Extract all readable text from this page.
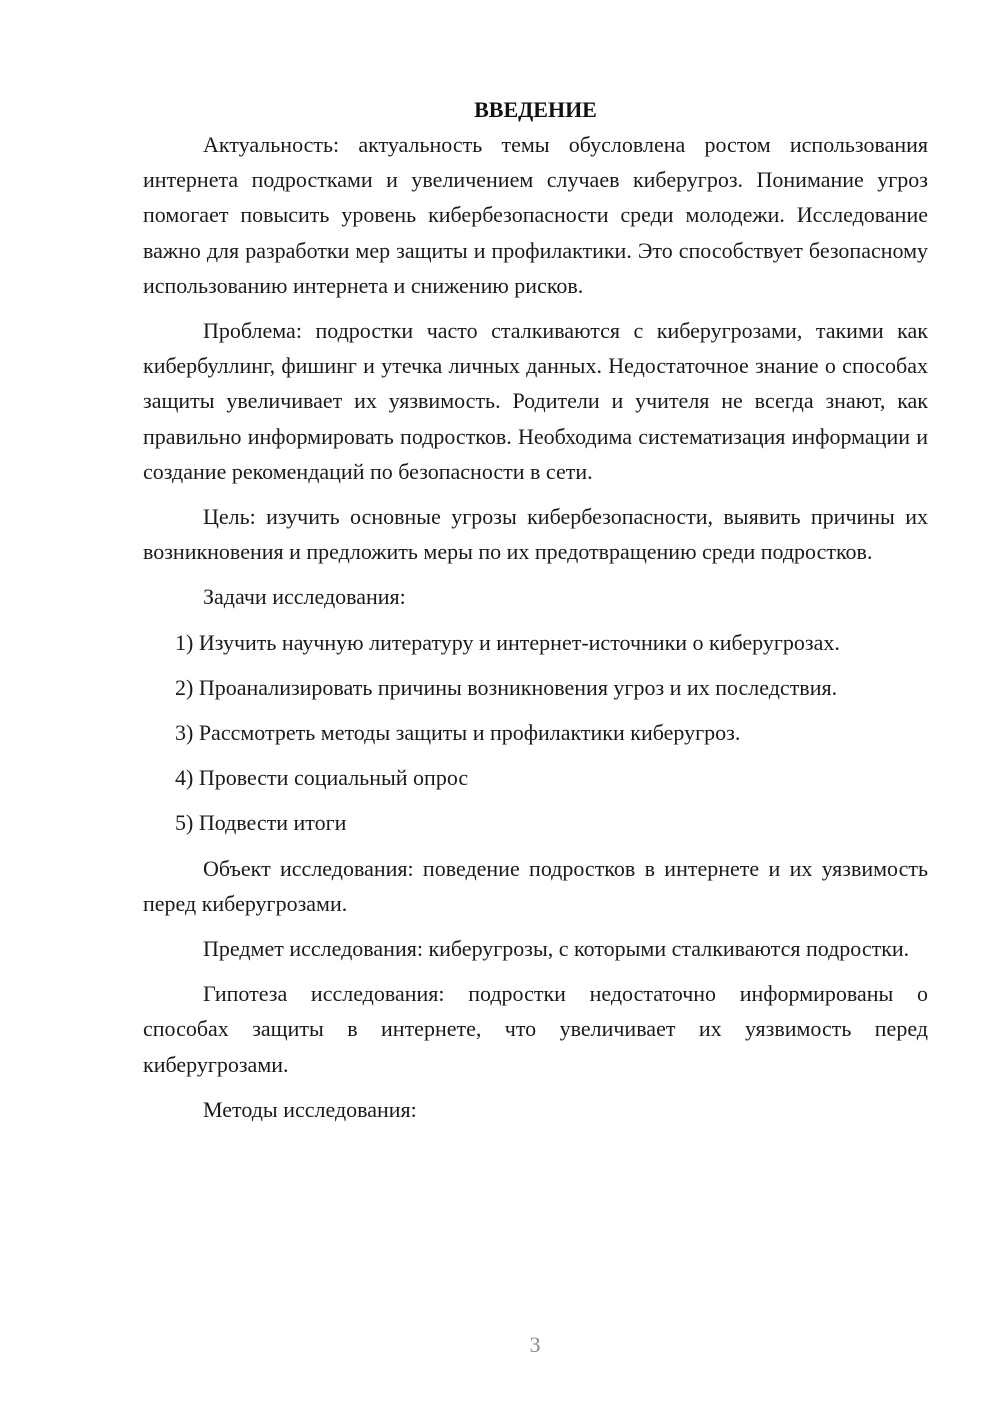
ВВЕДЕНИЕ

Актуальность: актуальность темы обусловлена ростом использования интернета подростками и увеличением случаев киберугроз. Понимание угроз помогает повысить уровень кибербезопасности среди молодежи. Исследование важно для разработки мер защиты и профилактики. Это способствует безопасному использованию интернета и снижению рисков.

Проблема: подростки часто сталкиваются с киберугрозами, такими как кибербуллинг, фишинг и утечка личных данных. Недостаточное знание о способах защиты увеличивает их уязвимость. Родители и учителя не всегда знают, как правильно информировать подростков. Необходима систематизация информации и создание рекомендаций по безопасности в сети.

Цель: изучить основные угрозы кибербезопасности, выявить причины их возникновения и предложить меры по их предотвращению среди подростков.

Задачи исследования:

1) Изучить научную литературу и интернет-источники о киберугрозах.
2) Проанализировать причины возникновения угроз и их последствия.
3) Рассмотреть методы защиты и профилактики киберугроз.
4) Провести социальный опрос
5) Подвести итоги

Объект исследования: поведение подростков в интернете и их уязвимость перед киберугрозами.

Предмет исследования: киберугрозы, с которыми сталкиваются подростки.

Гипотеза исследования: подростки недостаточно информированы о способах защиты в интернете, что увеличивает их уязвимость перед киберугрозами.

Методы исследования:

3
